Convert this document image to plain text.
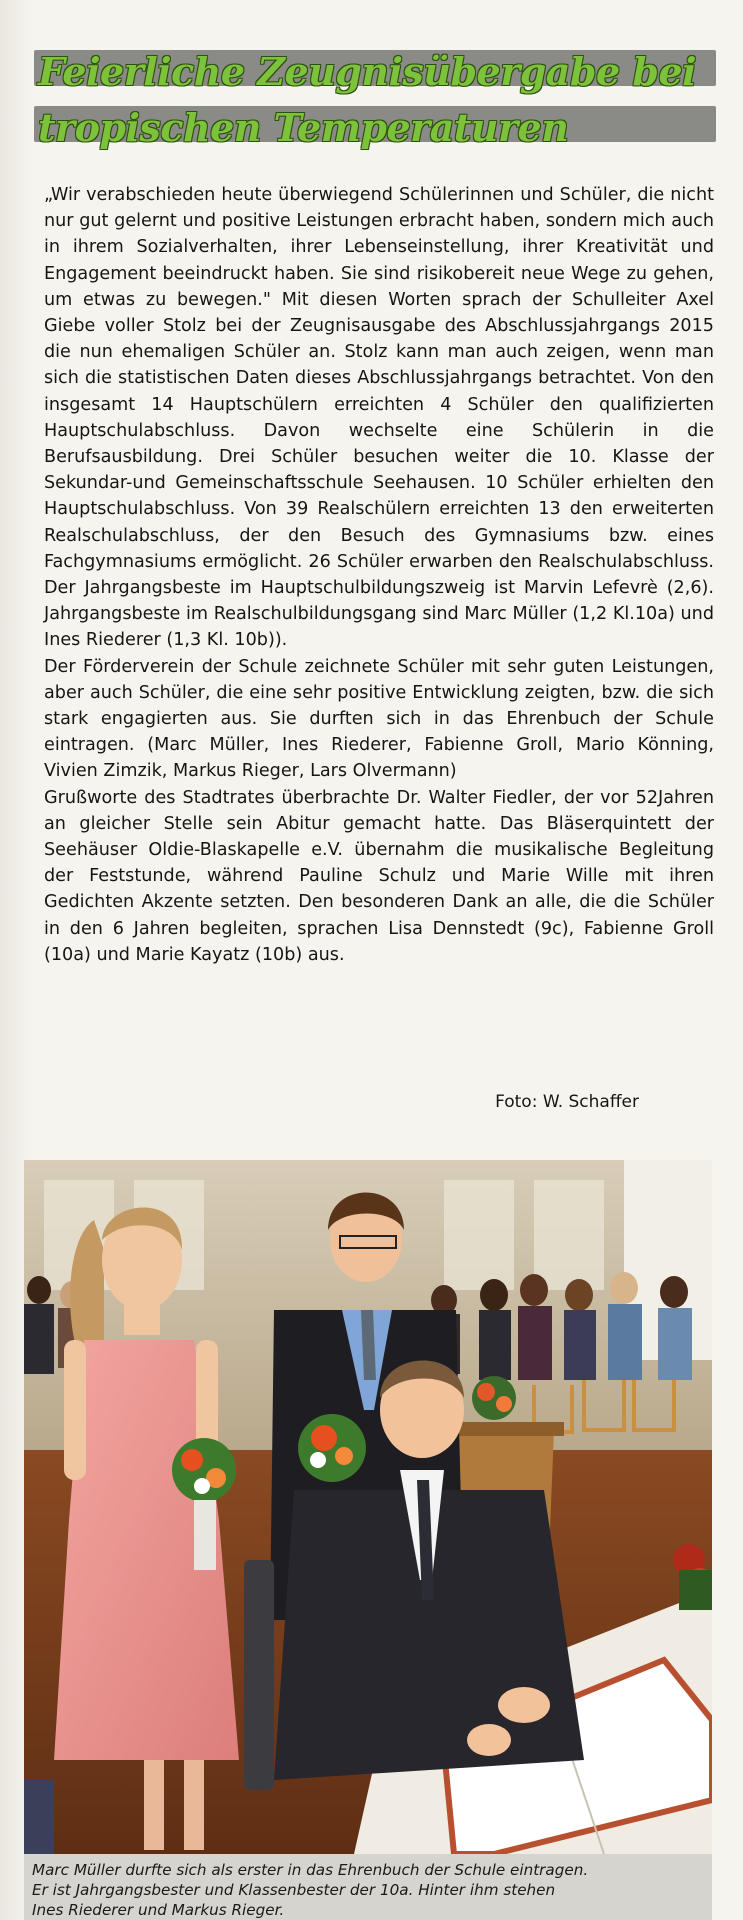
Feierliche Zeugnisübergabe bei
tropischen Temperaturen

„Wir verabschieden heute überwiegend Schülerinnen und Schüler, die nicht nur gut gelernt und positive Leistungen erbracht haben, sondern mich auch in ihrem Sozialverhalten, ihrer Lebenseinstellung, ihrer Kreativität und Engagement beeindruckt haben. Sie sind risikobereit neue Wege zu gehen, um etwas zu bewegen." Mit diesen Worten sprach der Schulleiter Axel Giebe voller Stolz bei der Zeugnisausgabe des Abschlussjahrgangs 2015 die nun ehemaligen Schüler an. Stolz kann man auch zeigen, wenn man sich die statistischen Daten dieses Abschlussjahrgangs betrachtet. Von den insgesamt 14 Hauptschülern erreichten 4 Schüler den qualifizierten Hauptschulabschluss. Davon wechselte eine Schülerin in die Berufsausbildung. Drei Schüler besuchen weiter die 10. Klasse der Sekundar-und Gemeinschaftsschule Seehausen. 10 Schüler erhielten den Hauptschulabschluss. Von 39 Realschülern erreichten 13 den erweiterten Realschulabschluss, der den Besuch des Gymnasiums bzw. eines Fachgymnasiums ermöglicht. 26 Schüler erwarben den Realschulabschluss. Der Jahrgangsbeste im Hauptschulbildungszweig ist Marvin Lefevrè (2,6). Jahrgangsbeste im Realschulbildungsgang sind Marc Müller (1,2 Kl.10a) und Ines Riederer (1,3 Kl. 10b)).

Der Förderverein der Schule zeichnete Schüler mit sehr guten Leistungen, aber auch Schüler, die eine sehr positive Entwicklung zeigten, bzw. die sich stark engagierten aus. Sie durften sich in das Ehrenbuch der Schule eintragen. (Marc Müller, Ines Riederer, Fabienne Groll, Mario Könning, Vivien Zimzik, Markus Rieger, Lars Olvermann)

Grußworte des Stadtrates überbrachte Dr. Walter Fiedler, der vor 52Jahren an gleicher Stelle sein Abitur gemacht hatte. Das Bläserquintett der Seehäuser Oldie-Blaskapelle e.V. übernahm die musikalische Begleitung der Feststunde, während Pauline Schulz und Marie Wille mit ihren Gedichten Akzente setzten. Den besonderen Dank an alle, die die Schüler in den 6 Jahren begleiten, sprachen Lisa Dennstedt (9c), Fabienne Groll (10a) und Marie Kayatz (10b) aus.

Foto: W. Schaffer
Marc Müller durfte sich als erster in das Ehrenbuch der Schule eintragen.
Er ist Jahrgangsbester und Klassenbester der 10a. Hinter ihm stehen
Ines Riederer und Markus Rieger.
